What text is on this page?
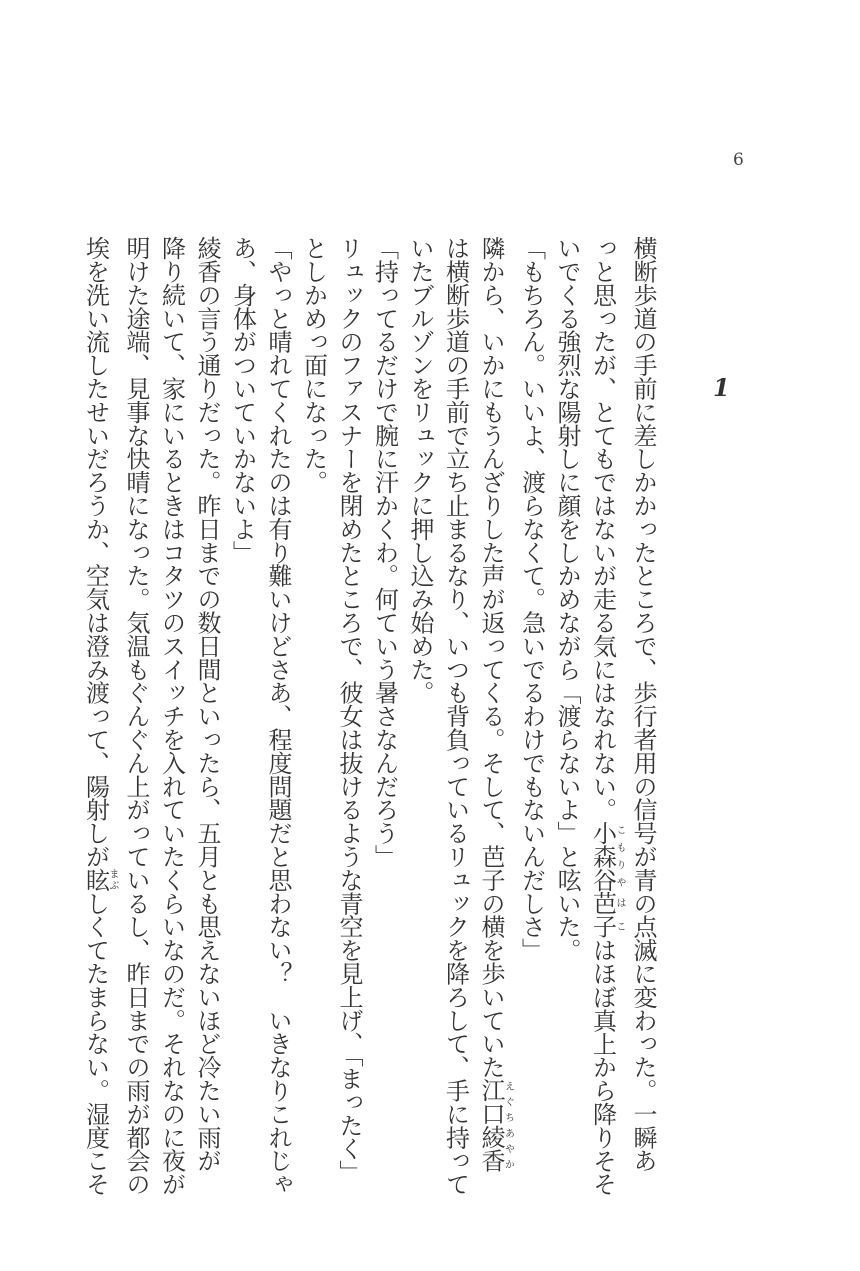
6
1
横断歩道の手前に差しかかったところで、歩行者用の信号が青の点滅に変わった。一瞬あ
っと思ったが、とてもではないが走る気にはなれない。小森谷こもりや芭子はこはほぼ真上から降りそそ
いでくる強烈な陽射しに顔をしかめながら「渡らないよ」と呟いた。
「もちろん。いいよ、渡らなくて。急いでるわけでもないんだしさ」
隣から、いかにもうんざりした声が返ってくる。そして、芭子の横を歩いていた江口えぐち綾香あやか
は横断歩道の手前で立ち止まるなり、いつも背負っているリュックを降ろして、手に持って
いたブルゾンをリュックに押し込み始めた。
「持ってるだけで腕に汗かくわ。何ていう暑さなんだろう」
リュックのファスナーを閉めたところで、彼女は抜けるような青空を見上げ、「まったく」
としかめっ面になった。
「やっと晴れてくれたのは有り難いけどさあ、程度問題だと思わない？　いきなりこれじゃ
あ、身体がついていかないよ」
綾香の言う通りだった。昨日までの数日間といったら、五月とも思えないほど冷たい雨が
降り続いて、家にいるときはコタツのスイッチを入れていたくらいなのだ。それなのに夜が
明けた途端、見事な快晴になった。気温もぐんぐん上がっているし、昨日までの雨が都会の
埃を洗い流したせいだろうか、空気は澄み渡って、陽射しが眩まぶしくてたまらない。湿度こそ
